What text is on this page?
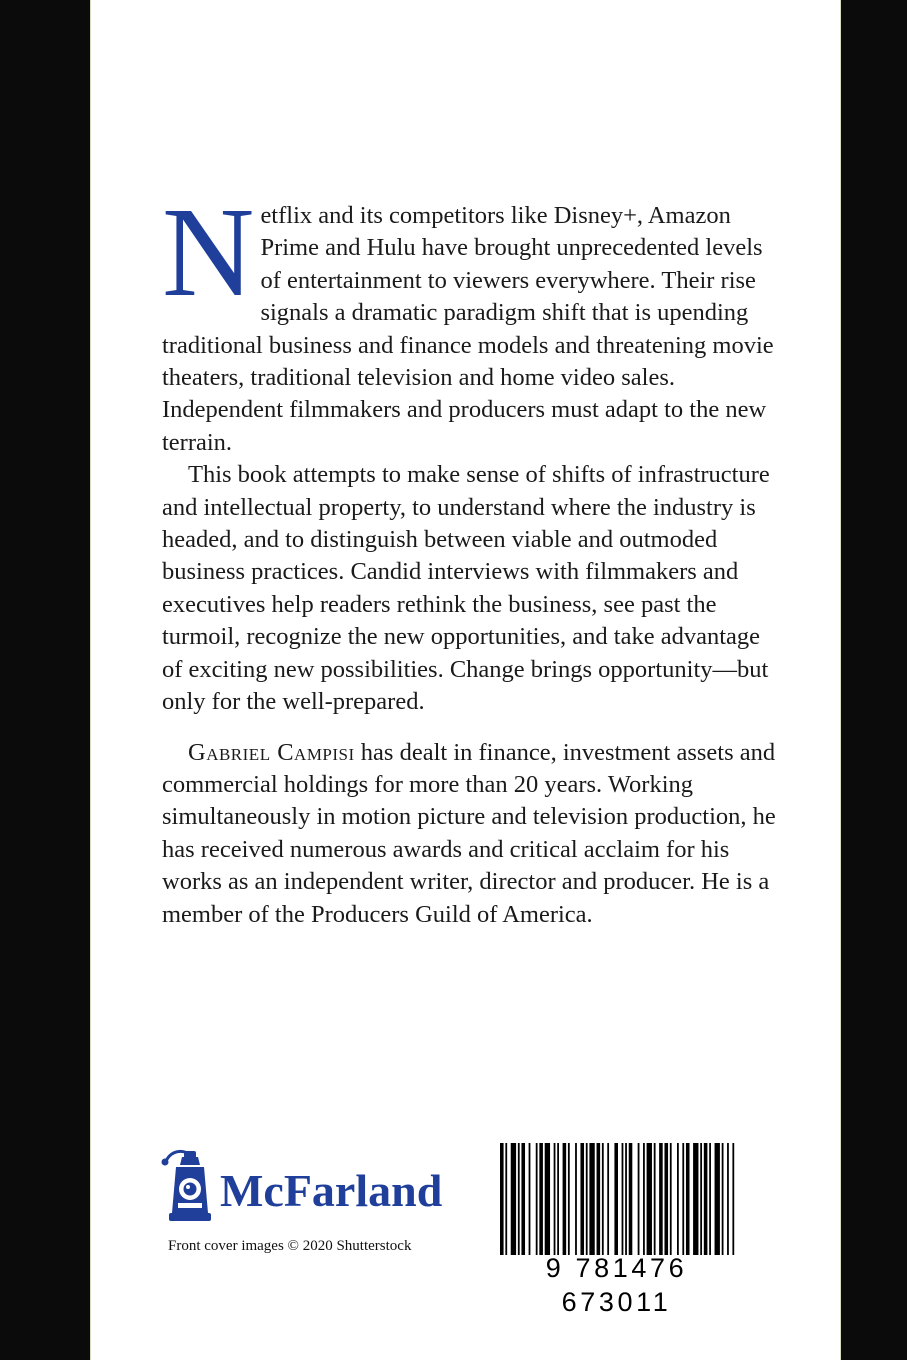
Netflix and its competitors like Disney+, Amazon Prime and Hulu have brought unprecedented levels of entertainment to viewers everywhere. Their rise signals a dramatic paradigm shift that is upending traditional business and finance models and threatening movie theaters, traditional television and home video sales. Independent filmmakers and producers must adapt to the new terrain.

This book attempts to make sense of shifts of infrastructure and intellectual property, to understand where the industry is headed, and to distinguish between viable and outmoded business practices. Candid interviews with filmmakers and executives help readers rethink the business, see past the turmoil, recognize the new opportunities, and take advantage of exciting new possibilities. Change brings opportunity—but only for the well-prepared.

Gabriel Campisi has dealt in finance, investment assets and commercial holdings for more than 20 years. Working simultaneously in motion picture and television production, he has received numerous awards and critical acclaim for his works as an independent writer, director and producer. He is a member of the Producers Guild of America.

McFarland
Front cover images © 2020 Shutterstock
9 781476 673011
